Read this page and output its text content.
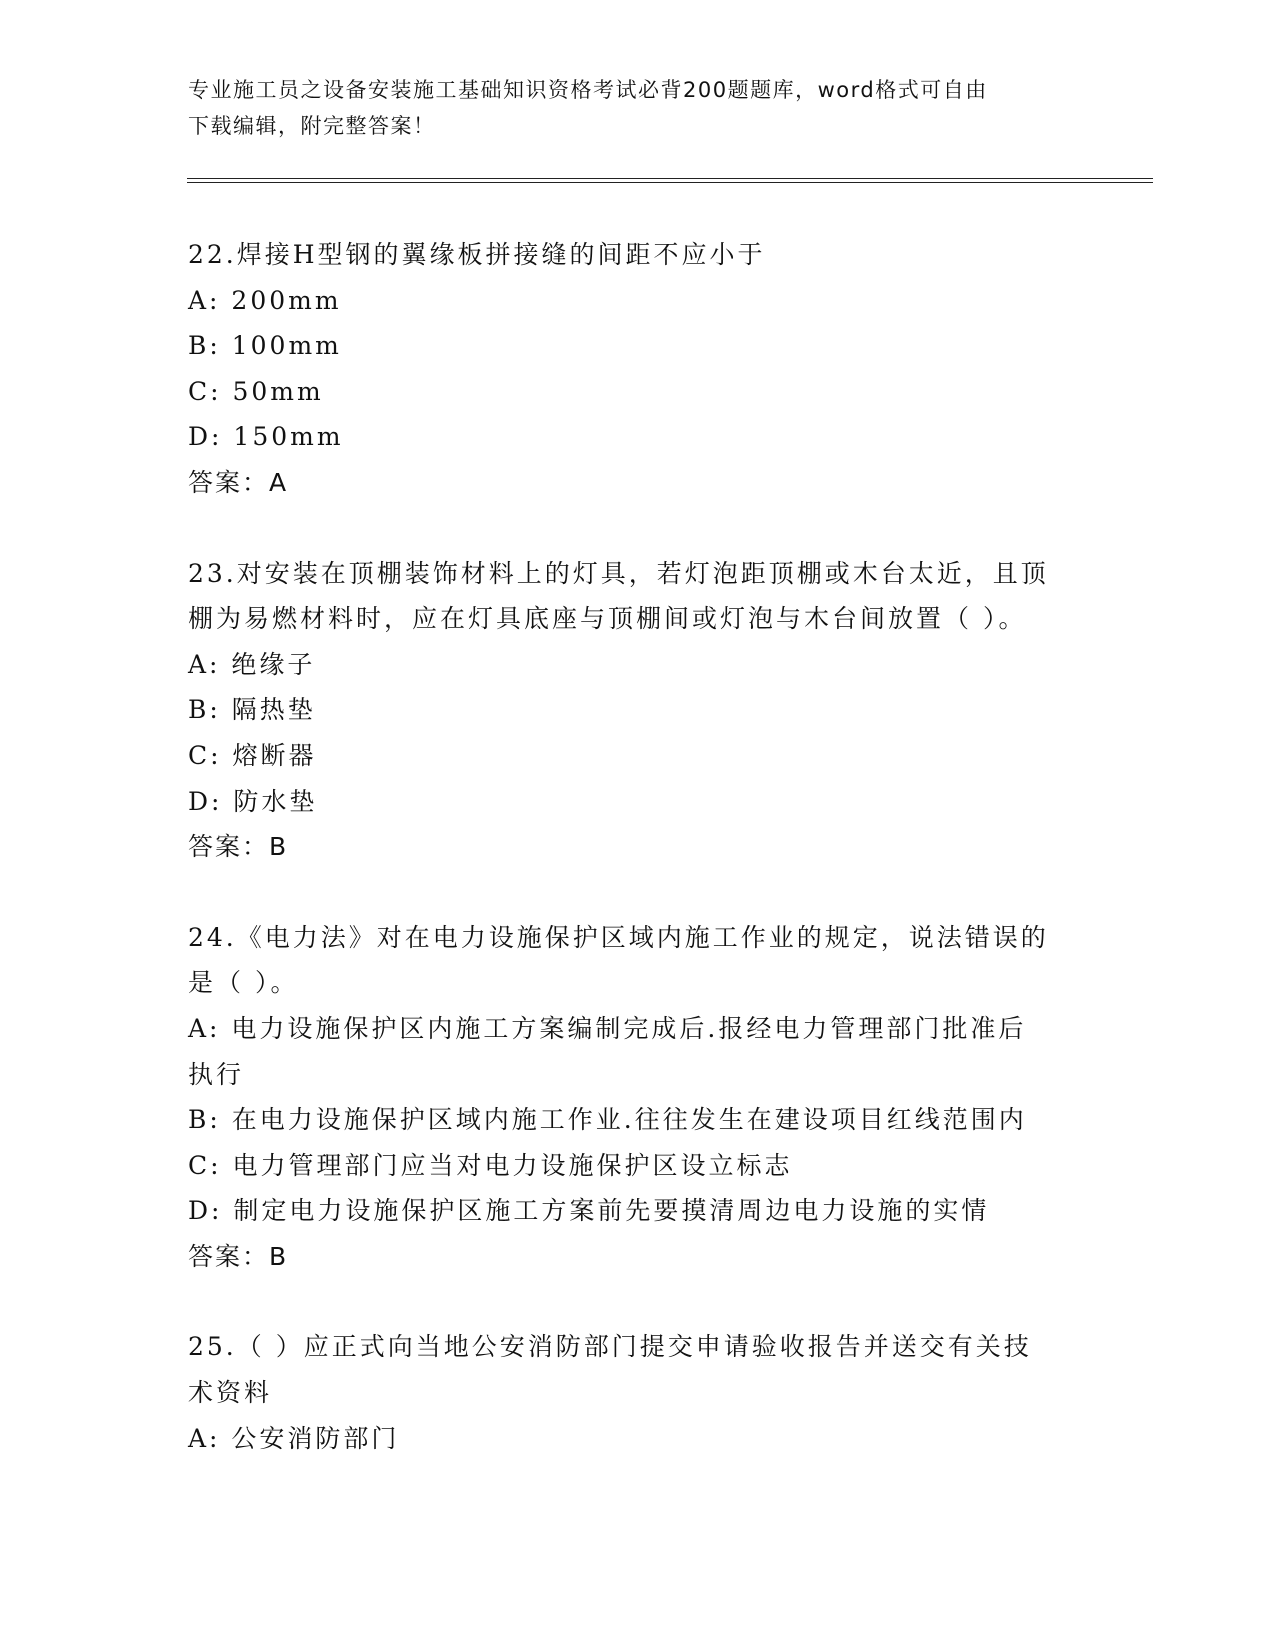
专业施工员之设备安装施工基础知识资格考试必背200题题库，word格式可自由
下载编辑，附完整答案！
22.焊接H型钢的翼缘板拼接缝的间距不应小于
A: 200mm
B: 100mm
C: 50mm
D: 150mm
答案：A
23.对安装在顶棚装饰材料上的灯具，若灯泡距顶棚或木台太近，且顶
棚为易燃材料时，应在灯具底座与顶棚间或灯泡与木台间放置（ ）。
A: 绝缘子
B: 隔热垫
C: 熔断器
D: 防水垫
答案：B
24.《电力法》对在电力设施保护区域内施工作业的规定，说法错误的
是（ ）。
A: 电力设施保护区内施工方案编制完成后.报经电力管理部门批准后
执行
B: 在电力设施保护区域内施工作业.往往发生在建设项目红线范围内
C: 电力管理部门应当对电力设施保护区设立标志
D: 制定电力设施保护区施工方案前先要摸清周边电力设施的实情
答案：B
25.（ ）应正式向当地公安消防部门提交申请验收报告并送交有关技
术资料
A: 公安消防部门
